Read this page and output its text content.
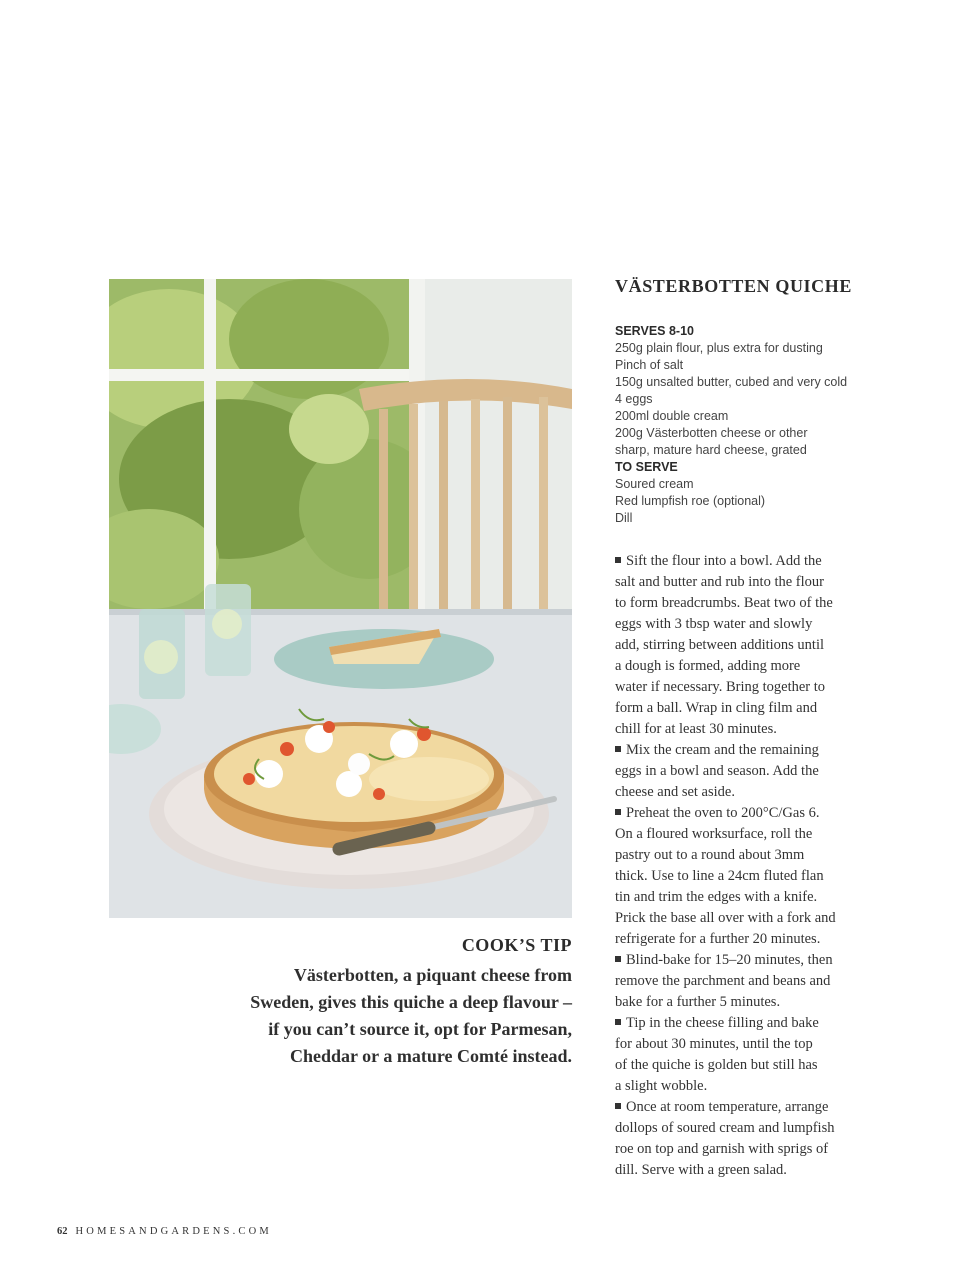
COOK’S TIP

Västerbotten, a piquant cheese from
Sweden, gives this quiche a deep flavour –
if you can’t source it, opt for Parmesan,
Cheddar or a mature Comté instead.
VÄSTERBOTTEN QUICHE
SERVES 8-10
250g plain flour, plus extra for dusting
Pinch of salt
150g unsalted butter, cubed and very cold
4 eggs
200ml double cream
200g Västerbotten cheese or other
sharp, mature hard cheese, grated
TO SERVE
Soured cream
Red lumpfish roe (optional)
Dill
Sift the flour into a bowl. Add the
salt and butter and rub into the flour
to form breadcrumbs. Beat two of the
eggs with 3 tbsp water and slowly
add, stirring between additions until
a dough is formed, adding more
water if necessary. Bring together to
form a ball. Wrap in cling film and
chill for at least 30 minutes.
Mix the cream and the remaining
eggs in a bowl and season. Add the
cheese and set aside.
Preheat the oven to 200°C/Gas 6.
On a floured worksurface, roll the
pastry out to a round about 3mm
thick. Use to line a 24cm fluted flan
tin and trim the edges with a knife.
Prick the base all over with a fork and
refrigerate for a further 20 minutes.
Blind-bake for 15–20 minutes, then
remove the parchment and beans and
bake for a further 5 minutes.
Tip in the cheese filling and bake
for about 30 minutes, until the top
of the quiche is golden but still has
a slight wobble.
Once at room temperature, arrange
dollops of soured cream and lumpfish
roe on top and garnish with sprigs of
dill. Serve with a green salad.
62 HOMESANDGARDENS.COM
